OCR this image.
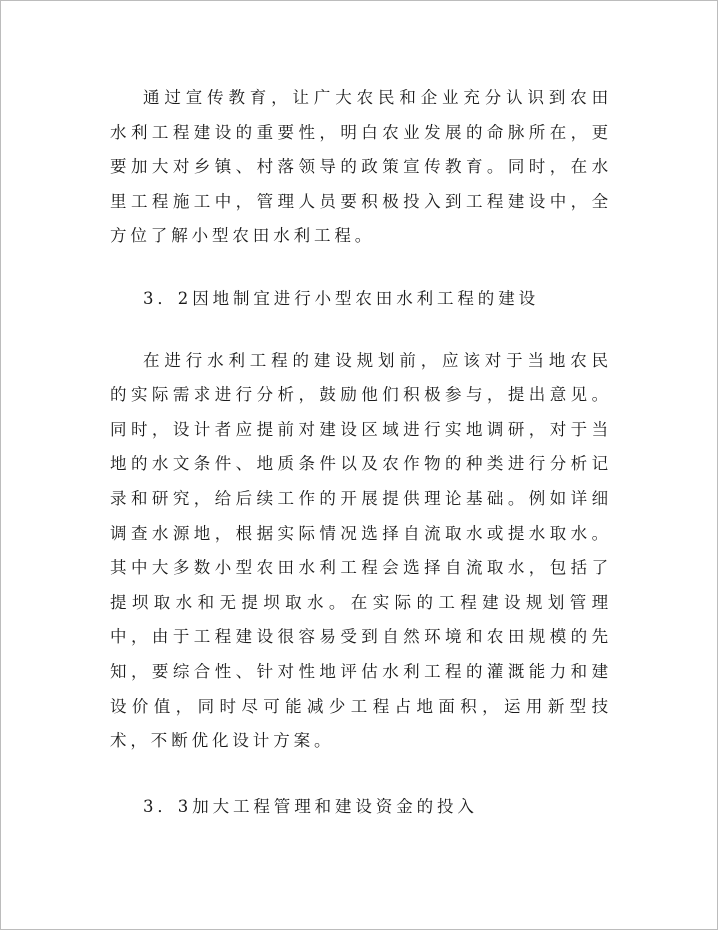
通过宣传教育，让广大农民和企业充分认识到农田水利工程建设的重要性，明白农业发展的命脉所在，更要加大对乡镇、村落领导的政策宣传教育。同时，在水里工程施工中，管理人员要积极投入到工程建设中，全方位了解小型农田水利工程。

3．2因地制宜进行小型农田水利工程的建设

在进行水利工程的建设规划前，应该对于当地农民的实际需求进行分析，鼓励他们积极参与，提出意见。同时，设计者应提前对建设区域进行实地调研，对于当地的水文条件、地质条件以及农作物的种类进行分析记录和研究，给后续工作的开展提供理论基础。例如详细调查水源地，根据实际情况选择自流取水或提水取水。其中大多数小型农田水利工程会选择自流取水，包括了提坝取水和无提坝取水。在实际的工程建设规划管理中，由于工程建设很容易受到自然环境和农田规模的先知，要综合性、针对性地评估水利工程的灌溉能力和建设价值，同时尽可能减少工程占地面积，运用新型技术，不断优化设计方案。

3．3加大工程管理和建设资金的投入
